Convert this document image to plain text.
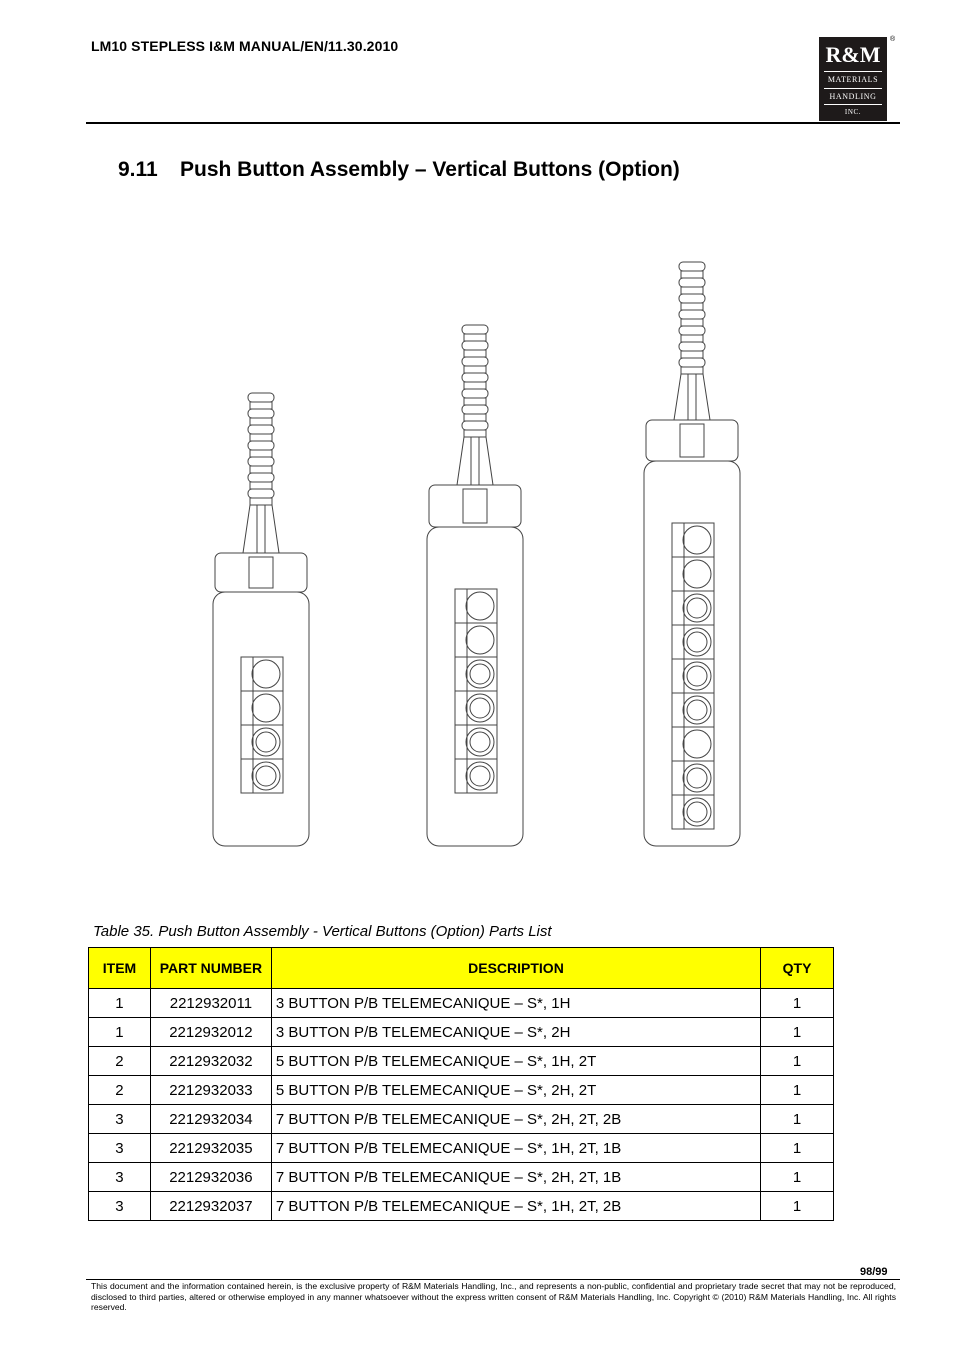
LM10 STEPLESS I&M MANUAL/EN/11.30.2010	R&M
MATERIALS
HANDLING
INC.
®
9.11 Push Button Assembly – Vertical Buttons (Option)
Table 35. Push Button Assembly - Vertical Buttons (Option) Parts List
ITEM	PART NUMBER	DESCRIPTION	QTY
1	2212932011	3 BUTTON P/B TELEMECANIQUE – S*, 1H	1
1	2212932012	3 BUTTON P/B TELEMECANIQUE – S*, 2H	1
2	2212932032	5 BUTTON P/B TELEMECANIQUE – S*, 1H, 2T	1
2	2212932033	5 BUTTON P/B TELEMECANIQUE – S*, 2H, 2T	1
3	2212932034	7 BUTTON P/B TELEMECANIQUE – S*, 2H, 2T, 2B	1
3	2212932035	7 BUTTON P/B TELEMECANIQUE – S*, 1H, 2T, 1B	1
3	2212932036	7 BUTTON P/B TELEMECANIQUE – S*, 2H, 2T, 1B	1
3	2212932037	7 BUTTON P/B TELEMECANIQUE – S*, 1H, 2T, 2B	1
98/99
This document and the information contained herein, is the exclusive property of R&M Materials Handling, Inc., and represents a non-public, confidential and proprietary trade secret that may not be reproduced, disclosed to third parties, altered or otherwise employed in any manner whatsoever without the express written consent of R&M Materials Handling, Inc. Copyright © (2010) R&M Materials Handling, Inc. All rights reserved.
